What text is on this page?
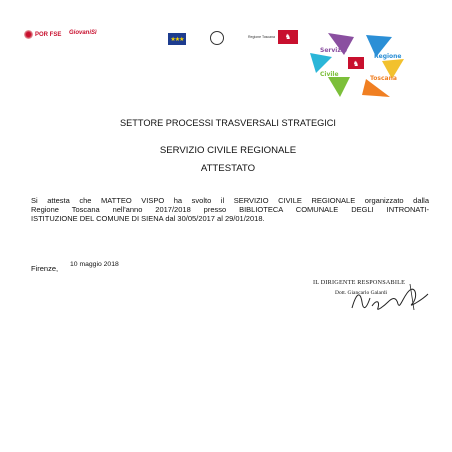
POR FSE GiovaniSì
★★★	Regione Toscana	♞
♞
Servizio
Regione
Civile
Toscana
SETTORE PROCESSI TRASVERSALI STRATEGICI
SERVIZIO CIVILE REGIONALE
ATTESTATO
Si attesta che MATTEO VISPO ha svolto il SERVIZIO CIVILE REGIONALE organizzato dalla
Regione Toscana nell'anno 2017/2018 presso BIBLIOTECA COMUNALE DEGLI INTRONATI-
ISTITUZIONE DEL COMUNE DI SIENA dal 30/05/2017 al 29/01/2018.
Firenze, 10 maggio 2018
IL DIRIGENTE RESPONSABILE
Dott. Giancarlo Galardi
